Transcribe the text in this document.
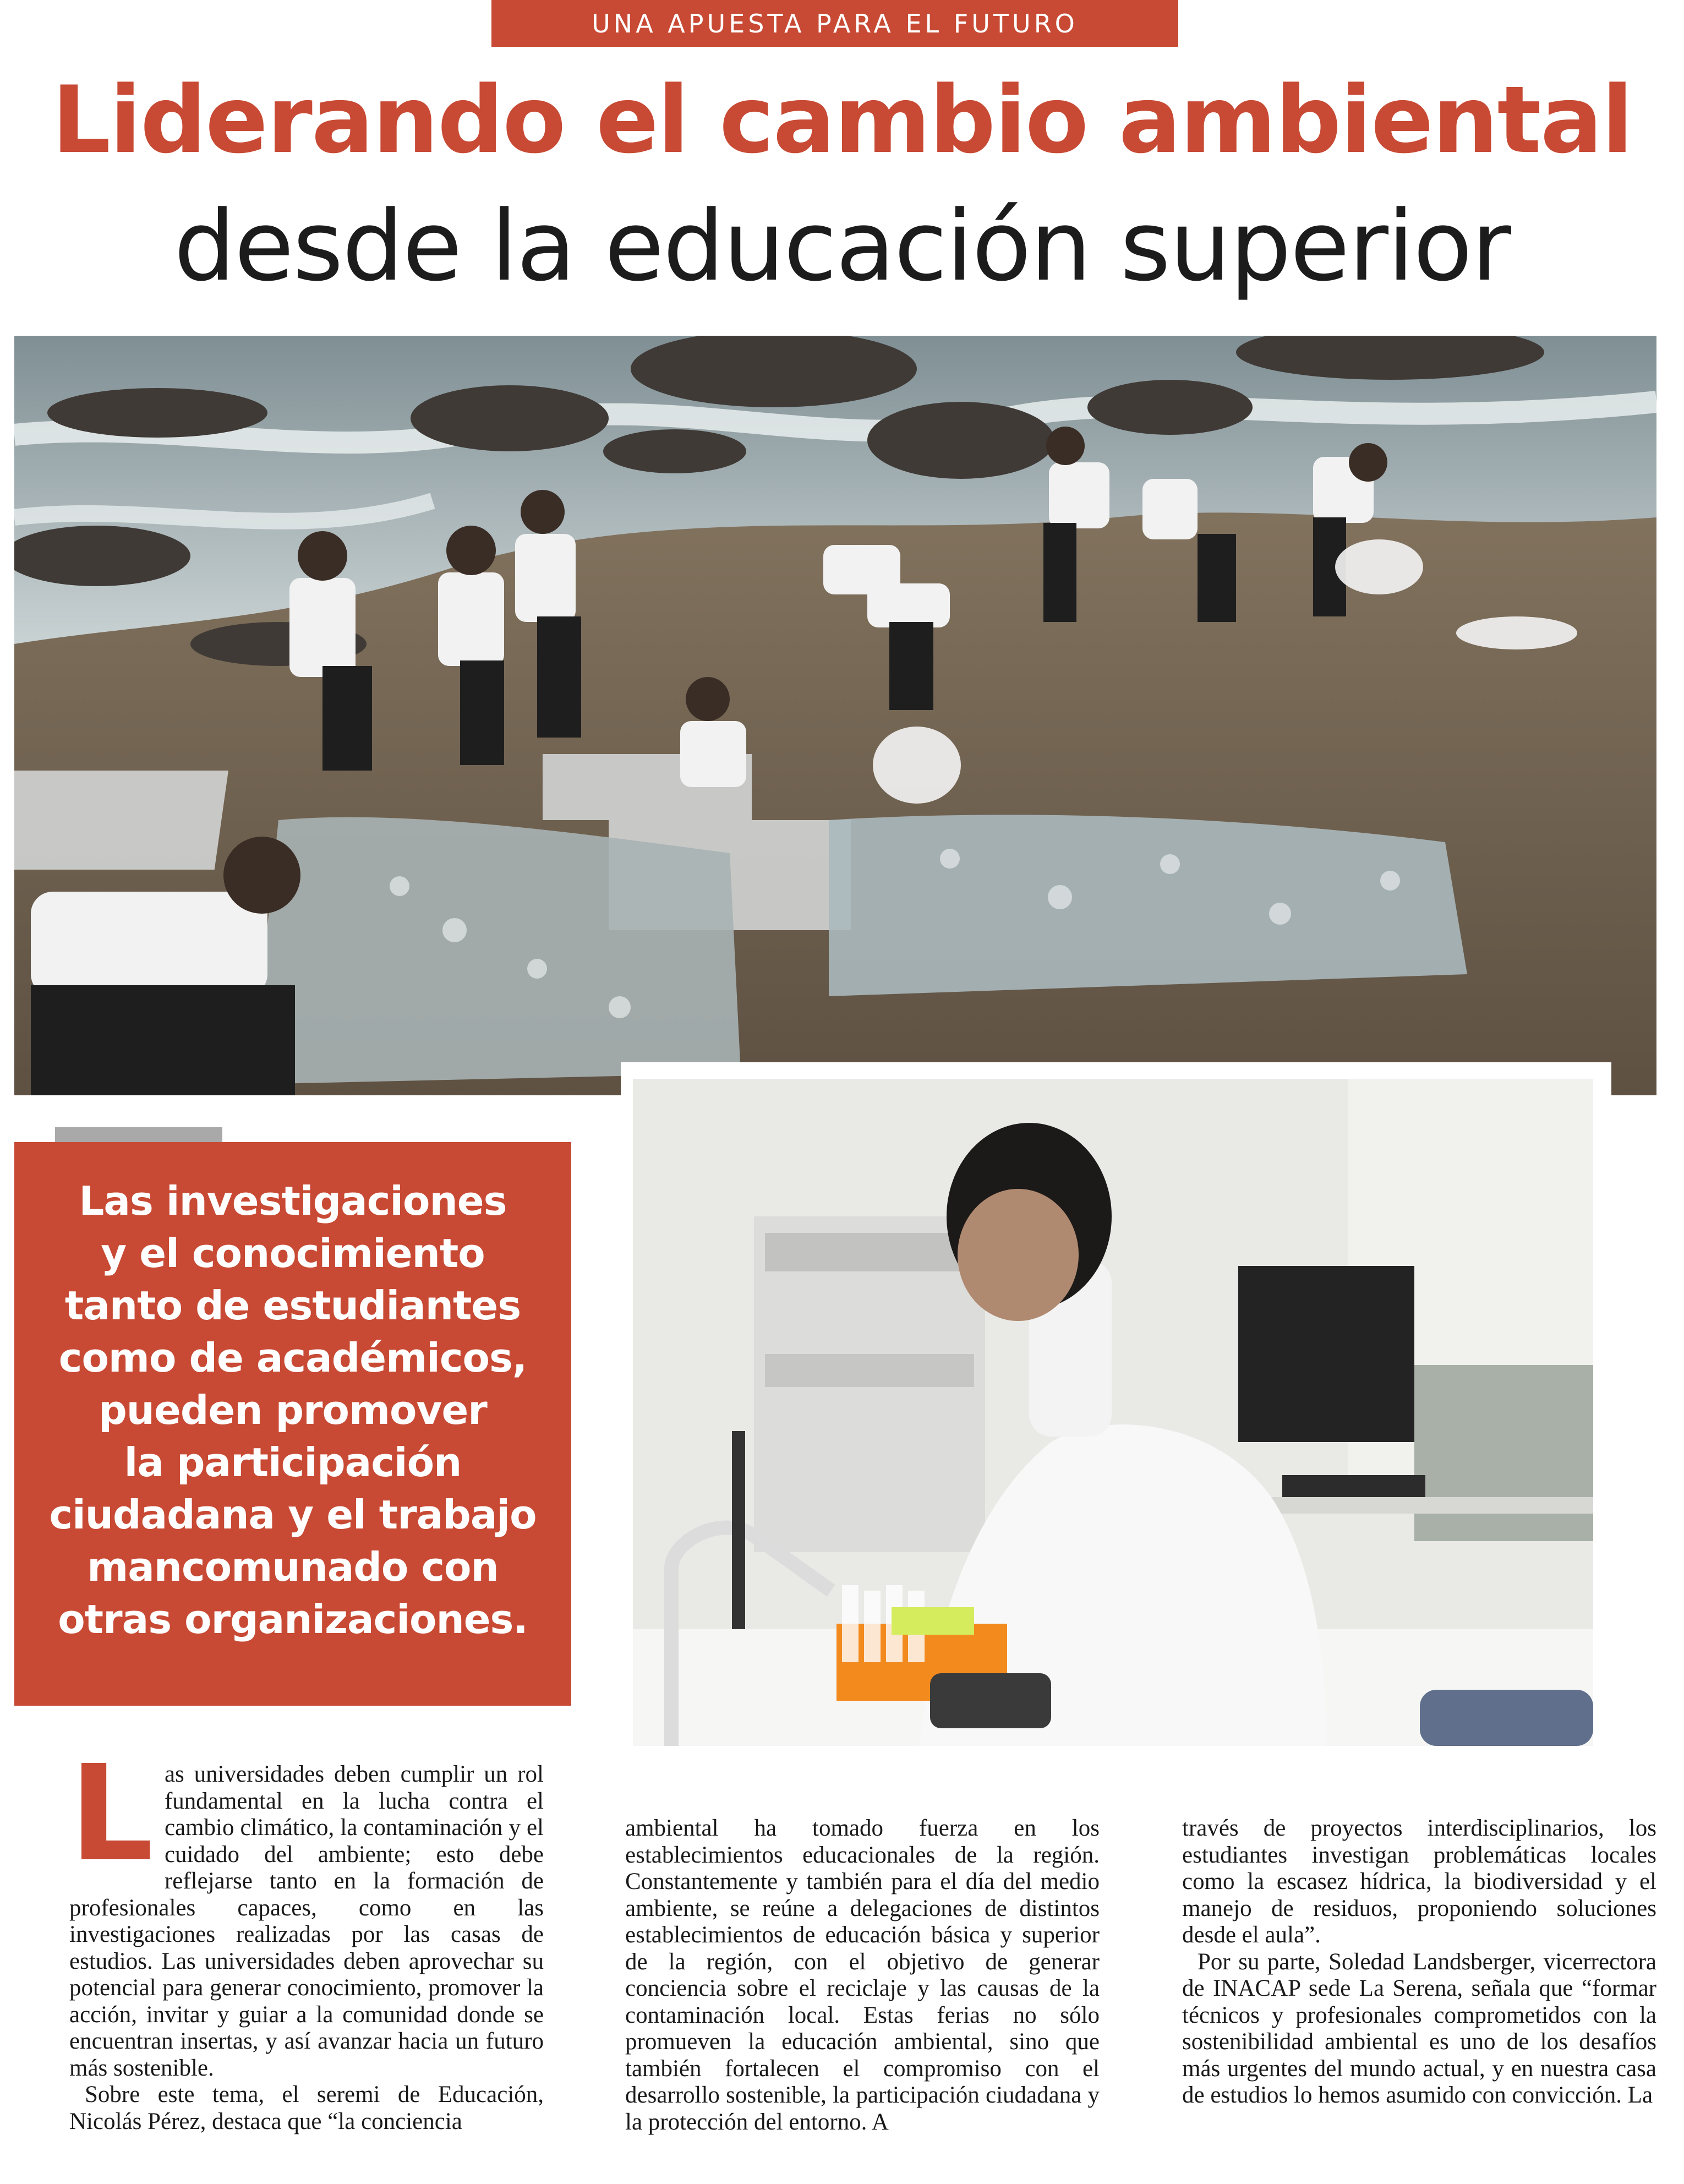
UNA APUESTA PARA EL FUTURO
Liderando el cambio ambiental
desde la educación superior

Las investigaciones

y el conocimiento

tanto de estudiantes

como de académicos,

pueden promover

la participación

ciudadana y el trabajo

mancomunado con

otras organizaciones.

L as universidades deben cumplir un rol fundamental en la lucha contra el cambio climático, la contaminación y el cuidado del ambiente; esto debe reflejarse tanto en la formación de profesionales capaces, como en las investigaciones realizadas por las casas de estudios. Las universidades deben aprovechar su potencial para generar conocimiento, promover la acción, invitar y guiar a la comunidad donde se encuentran insertas, y así avanzar hacia un futuro más sostenible.

Sobre este tema, el seremi de Educación, Nicolás Pérez, destaca que “la conciencia

ambiental ha tomado fuerza en los establecimientos educacionales de la región. Constantemente y también para el día del medio ambiente, se reúne a delegaciones de distintos establecimientos de educación básica y superior de la región, con el objetivo de generar conciencia sobre el reciclaje y las causas de la contaminación local. Estas ferias no sólo promueven la educación ambiental, sino que también fortalecen el compromiso con el desarrollo sostenible, la participación ciudadana y la protección del entorno. A

través de proyectos interdisciplinarios, los estudiantes investigan problemáticas locales como la escasez hídrica, la biodiversidad y el manejo de residuos, proponiendo soluciones desde el aula”.

Por su parte, Soledad Landsberger, vicerrectora de INACAP sede La Serena, señala que “formar técnicos y profesionales comprometidos con la sostenibilidad ambiental es uno de los desafíos más urgentes del mundo actual, y en nuestra casa de estudios lo hemos asumido con convicción. La
